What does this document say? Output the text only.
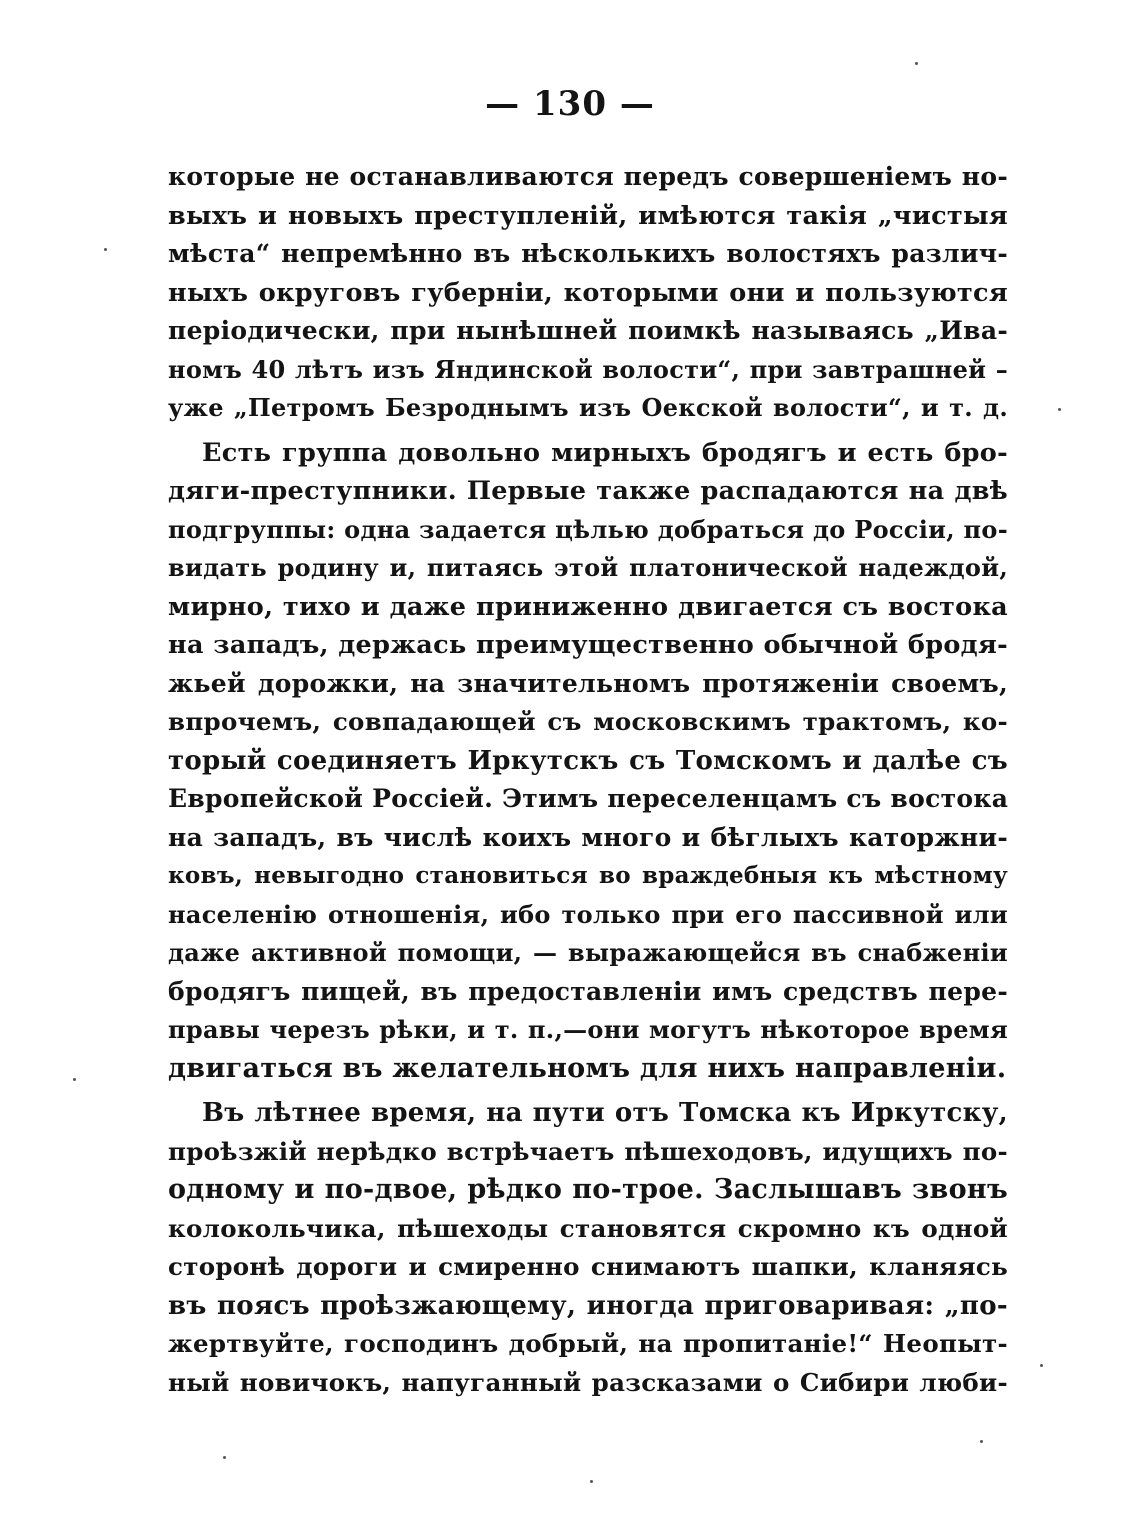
— 130 —
которые не останавливаются передъ совершеніемъ но-
выхъ и новыхъ преступленій, имѣются такія „чистыя
мѣста“ непремѣнно въ нѣсколькихъ волостяхъ различ-
ныхъ округовъ губерніи, которыми они и пользуются
періодически, при нынѣшней поимкѣ называясь „Ива-
номъ 40 лѣтъ изъ Яндинской волости“, при завтрашней –
уже „Петромъ Безроднымъ изъ Оекской волости“, и т. д.
Есть группа довольно мирныхъ бродягъ и есть бро-
дяги-преступники. Первые также распадаются на двѣ
подгруппы: одна задается цѣлью добраться до Россіи, по-
видать родину и, питаясь этой платонической надеждой,
мирно, тихо и даже приниженно двигается съ востока
на западъ, держась преимущественно обычной бродя-
жьей дорожки, на значительномъ протяженіи своемъ,
впрочемъ, совпадающей съ московскимъ трактомъ, ко-
торый соединяетъ Иркутскъ съ Томскомъ и далѣе съ
Европейской Россіей. Этимъ переселенцамъ съ востока
на западъ, въ числѣ коихъ много и бѣглыхъ каторжни-
ковъ, невыгодно становиться во враждебныя къ мѣстному
населенію отношенія, ибо только при его пассивной или
даже активной помощи, — выражающейся въ снабженіи
бродягъ пищей, въ предоставленіи имъ средствъ пере-
правы черезъ рѣки, и т. п.,—они могутъ нѣкоторое время
двигаться въ желательномъ для нихъ направленіи.
Въ лѣтнее время, на пути отъ Томска къ Иркутску,
проѣзжій нерѣдко встрѣчаетъ пѣшеходовъ, идущихъ по-
одному и по-двое, рѣдко по-трое. Заслышавъ звонъ
колокольчика, пѣшеходы становятся скромно къ одной
сторонѣ дороги и смиренно снимаютъ шапки, кланяясь
въ поясъ проѣзжающему, иногда приговаривая: „по-
жертвуйте, господинъ добрый, на пропитаніе!“ Неопыт-
ный новичокъ, напуганный разсказами о Сибири люби-
